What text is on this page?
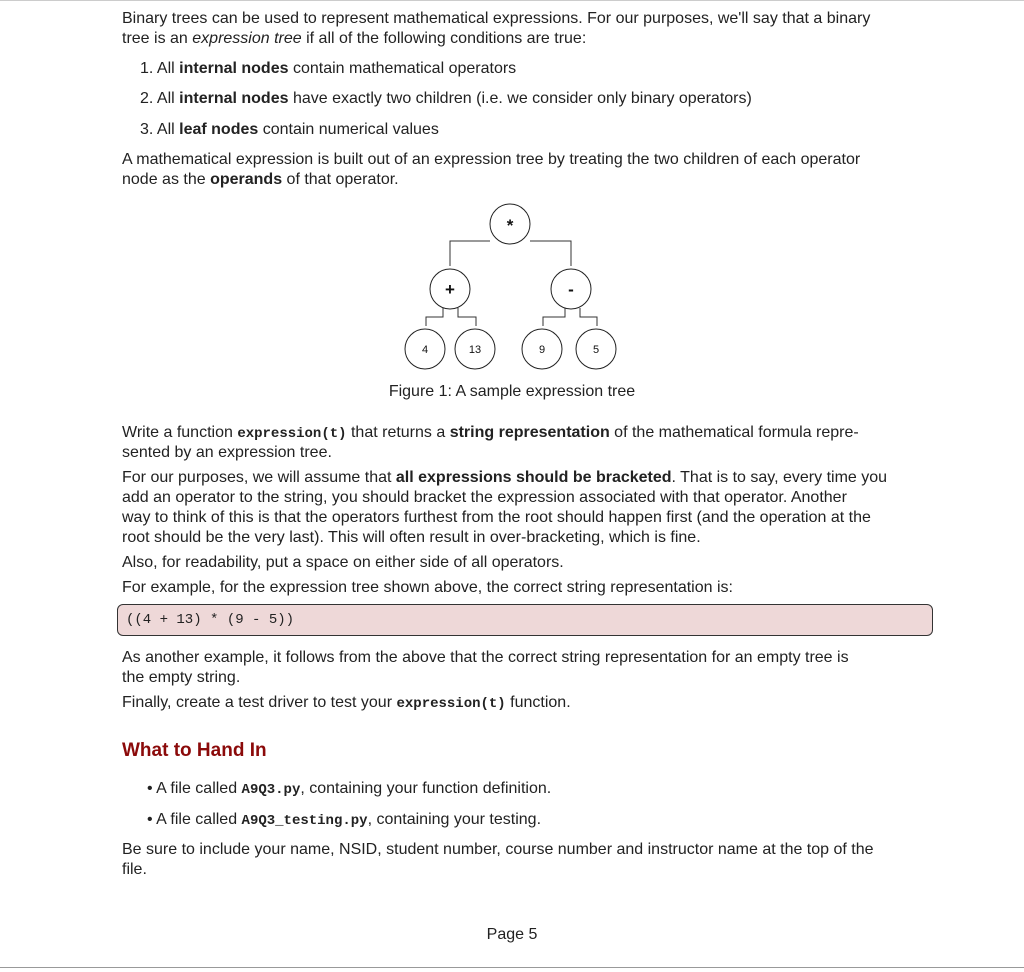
Binary trees can be used to represent mathematical expressions. For our purposes, we'll say that a binary
tree is an expression tree if all of the following conditions are true:
1. All internal nodes contain mathematical operators
2. All internal nodes have exactly two children (i.e. we consider only binary operators)
3. All leaf nodes contain numerical values
A mathematical expression is built out of an expression tree by treating the two children of each operator
node as the operands of that operator.
Write a function expression(t) that returns a string representation of the mathematical formula repre-
sented by an expression tree.
For our purposes, we will assume that all expressions should be bracketed. That is to say, every time you
add an operator to the string, you should bracket the expression associated with that operator. Another
way to think of this is that the operators furthest from the root should happen first (and the operation at the
root should be the very last). This will often result in over-bracketing, which is fine.
Also, for readability, put a space on either side of all operators.
For example, for the expression tree shown above, the correct string representation is:
As another example, it follows from the above that the correct string representation for an empty tree is
the empty string.
Finally, create a test driver to test your expression(t) function.
• A file called A9Q3.py, containing your function definition.
• A file called A9Q3_testing.py, containing your testing.
Be sure to include your name, NSID, student number, course number and instructor name at the top of the
file.
*
+	-
4	13	9	5
Figure 1: A sample expression tree
((4 + 13) * (9 - 5))
What to Hand In
Page 5
